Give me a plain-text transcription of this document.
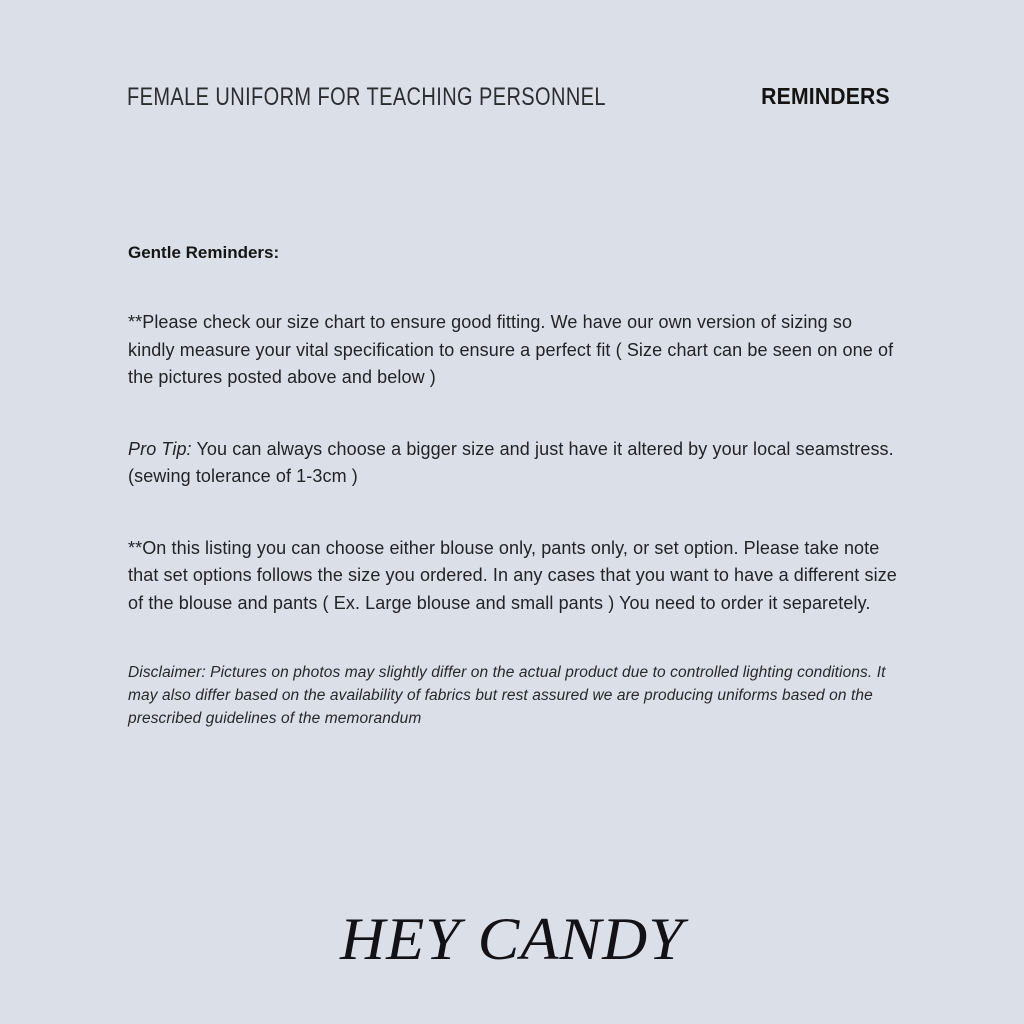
FEMALE UNIFORM FOR TEACHING PERSONNEL	REMINDERS
Gentle Reminders:

**Please check our size chart to ensure good fitting. We have our own version of sizing so kindly measure your vital specification to ensure a perfect fit ( Size chart can be seen on one of the pictures posted above and below )

Pro Tip: You can always choose a bigger size and just have it altered by your local seamstress. (sewing tolerance of 1-3cm )

**On this listing you can choose either blouse only, pants only, or set option. Please take note that set options follows the size you ordered. In any cases that you want to have a different size of the blouse and pants ( Ex. Large blouse and small pants ) You need to order it separetely.

Disclaimer: Pictures on photos may slightly differ on the actual product due to controlled lighting conditions. It may also differ based on the availability of fabrics but rest assured we are producing uniforms based on the prescribed guidelines of the memorandum

HEY CANDY
